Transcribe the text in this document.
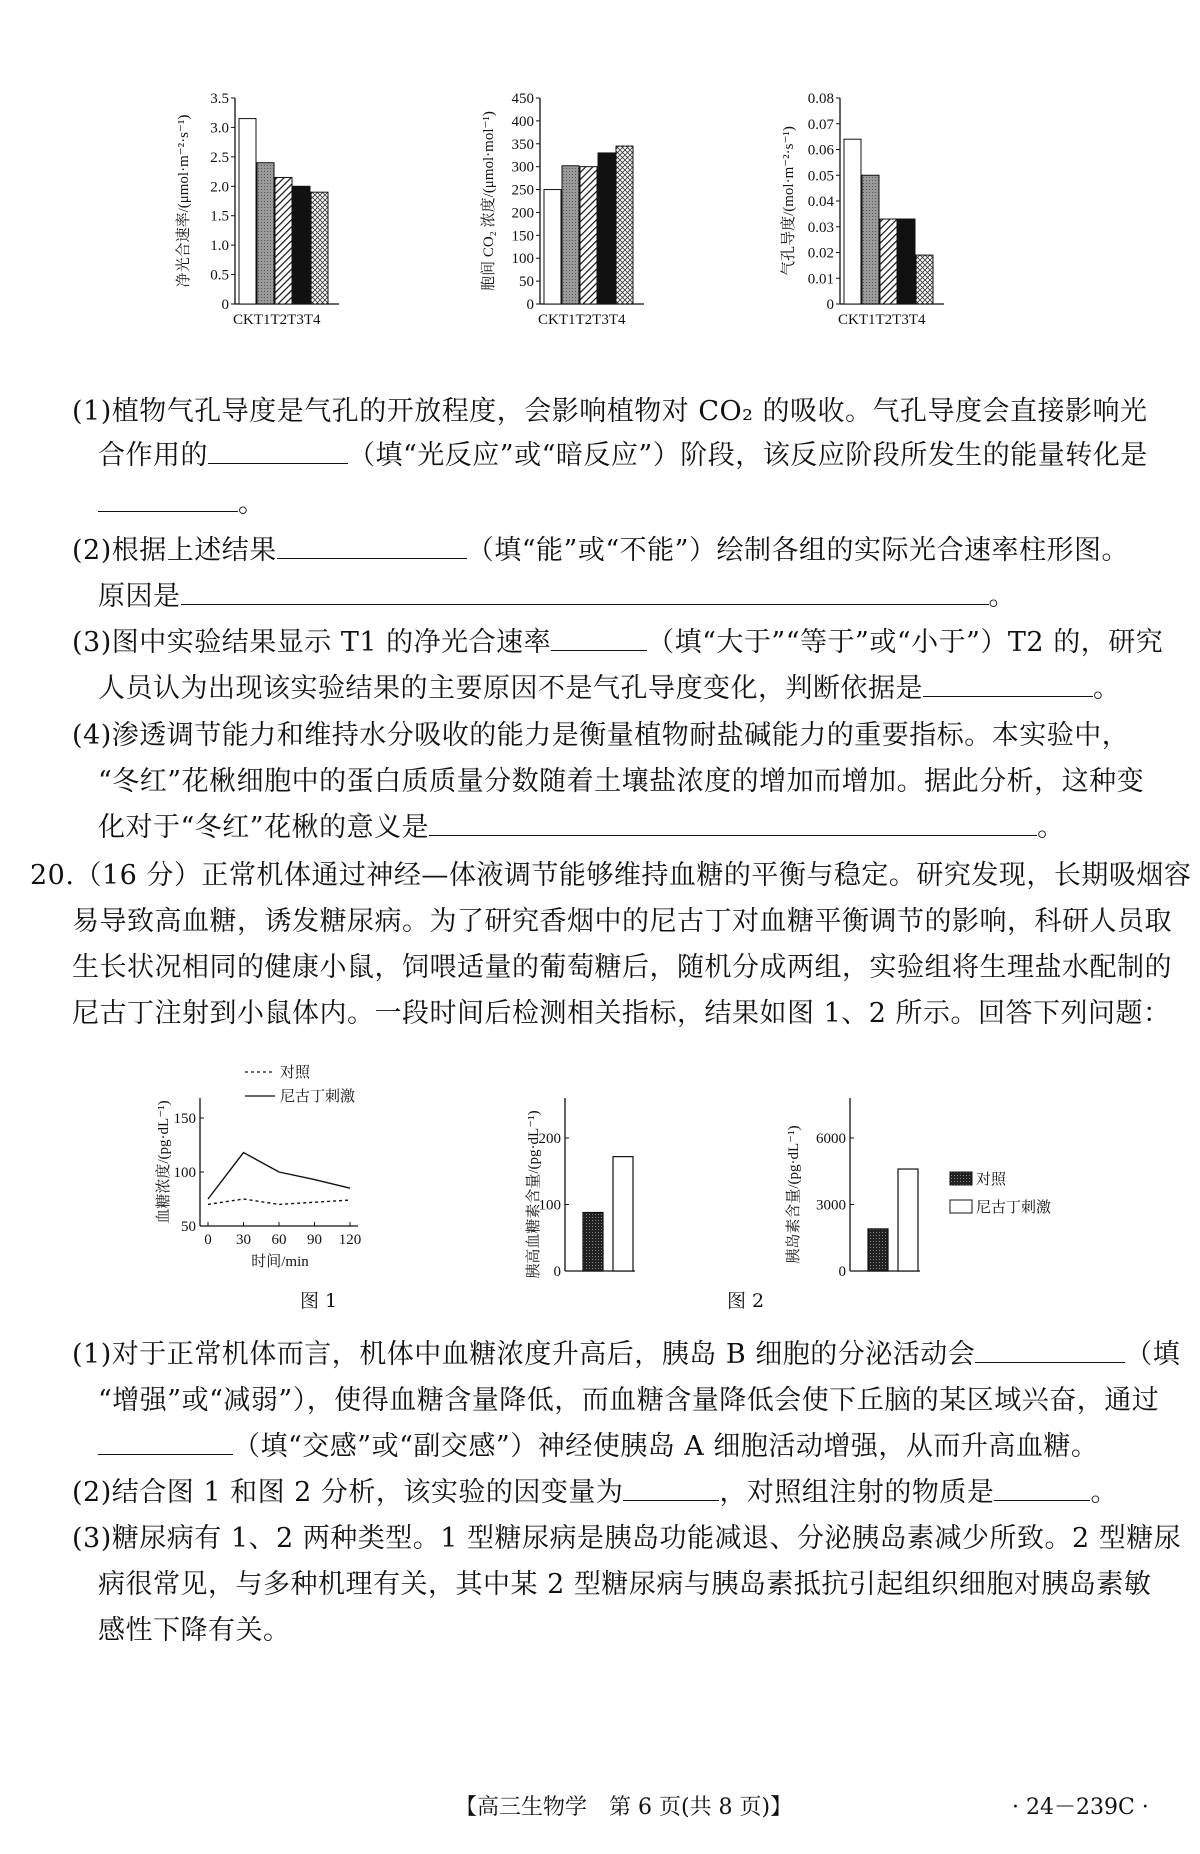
0
0.5
1.0
1.5
2.0
2.5
3.0
3.5
CKT1T2T3T4
净光合速率/(μmol·m⁻²·s⁻¹)
0
50
100
150
200
250
300
350
400
450
CKT1T2T3T4
胞间 CO₂ 浓度/(μmol·mol⁻¹)
0
0.01
0.02
0.03
0.04
0.05
0.06
0.07
0.08
CKT1T2T3T4
气孔导度/(mol·m⁻²·s⁻¹)
(1)植物气孔导度是气孔的开放程度，会影响植物对 CO₂ 的吸收。气孔导度会直接影响光
合作用的	（填“光反应”或“暗反应”）阶段，该反应阶段所发生的能量转化是
。
(2)根据上述结果	（填“能”或“不能”）绘制各组的实际光合速率柱形图。
原因是	。
(3)图中实验结果显示 T1 的净光合速率	（填“大于”“等于”或“小于”）T2 的，研究
人员认为出现该实验结果的主要原因不是气孔导度变化，判断依据是	。
(4)渗透调节能力和维持水分吸收的能力是衡量植物耐盐碱能力的重要指标。本实验中，
“冬红”花楸细胞中的蛋白质质量分数随着土壤盐浓度的增加而增加。据此分析，这种变
化对于“冬红”花楸的意义是	。
20.（16 分）正常机体通过神经—体液调节能够维持血糖的平衡与稳定。研究发现，长期吸烟容
易导致高血糖，诱发糖尿病。为了研究香烟中的尼古丁对血糖平衡调节的影响，科研人员取
生长状况相同的健康小鼠，饲喂适量的葡萄糖后，随机分成两组，实验组将生理盐水配制的
尼古丁注射到小鼠体内。一段时间后检测相关指标，结果如图 1、2 所示。回答下列问题：
50
100
150
0 30 60 90 120
对照
尼古丁刺激
时间/min
血糖浓度/(pg·dL⁻¹)
0
100
200
胰高血糖素含量/(pg·dL⁻¹)	0
3000
6000
胰岛素含量/(pg·dL⁻¹)	对照
尼古丁刺激
图 1	图 2
(1)对于正常机体而言，机体中血糖浓度升高后，胰岛 B 细胞的分泌活动会	（填
“增强”或“减弱”），使得血糖含量降低，而血糖含量降低会使下丘脑的某区域兴奋，通过
（填“交感”或“副交感”）神经使胰岛 A 细胞活动增强，从而升高血糖。
(2)结合图 1 和图 2 分析，该实验的因变量为	，对照组注射的物质是	。
(3)糖尿病有 1、2 两种类型。1 型糖尿病是胰岛功能减退、分泌胰岛素减少所致。2 型糖尿
病很常见，与多种机理有关，其中某 2 型糖尿病与胰岛素抵抗引起组织细胞对胰岛素敏
感性下降有关。
【高三生物学　第 6 页(共 8 页)】	· 24－239C ·
